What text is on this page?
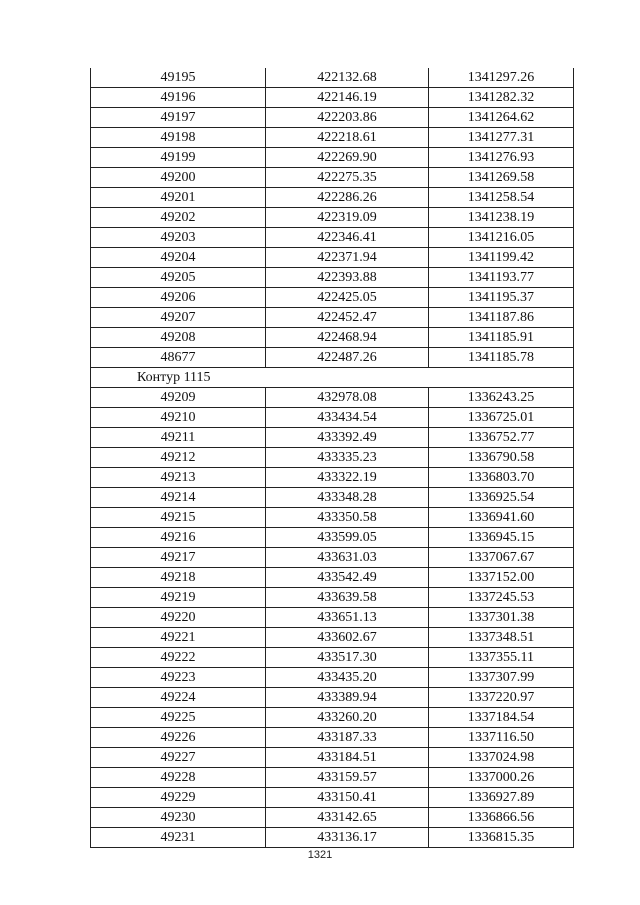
49195	422132.68	1341297.26
49196	422146.19	1341282.32
49197	422203.86	1341264.62
49198	422218.61	1341277.31
49199	422269.90	1341276.93
49200	422275.35	1341269.58
49201	422286.26	1341258.54
49202	422319.09	1341238.19
49203	422346.41	1341216.05
49204	422371.94	1341199.42
49205	422393.88	1341193.77
49206	422425.05	1341195.37
49207	422452.47	1341187.86
49208	422468.94	1341185.91
48677	422487.26	1341185.78
Контур 1115		
49209	432978.08	1336243.25
49210	433434.54	1336725.01
49211	433392.49	1336752.77
49212	433335.23	1336790.58
49213	433322.19	1336803.70
49214	433348.28	1336925.54
49215	433350.58	1336941.60
49216	433599.05	1336945.15
49217	433631.03	1337067.67
49218	433542.49	1337152.00
49219	433639.58	1337245.53
49220	433651.13	1337301.38
49221	433602.67	1337348.51
49222	433517.30	1337355.11
49223	433435.20	1337307.99
49224	433389.94	1337220.97
49225	433260.20	1337184.54
49226	433187.33	1337116.50
49227	433184.51	1337024.98
49228	433159.57	1337000.26
49229	433150.41	1336927.89
49230	433142.65	1336866.56
49231	433136.17	1336815.35
1321
